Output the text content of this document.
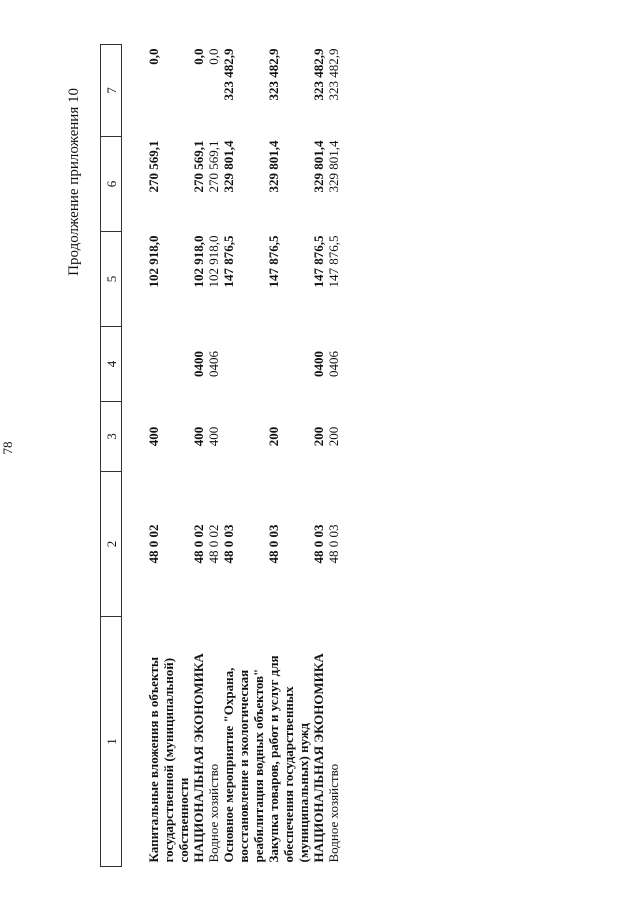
78
Продолжение приложения 10
1	2	3	4	5	6	7
Капитальные вложения в объекты государственной (муниципальной) собственности	48 0 02	400		102 918,0	270 569,1	0,0
НАЦИОНАЛЬНАЯ ЭКОНОМИКА	48 0 02	400	0400	102 918,0	270 569,1	0,0
Водное хозяйство	48 0 02	400	0406	102 918,0	270 569,1	0,0
Основное мероприятие "Охрана, восстановление и экологическая реабилитация водных объектов"	48 0 03			147 876,5	329 801,4	323 482,9
Закупка товаров, работ и услуг для обеспечения государственных (муниципальных) нужд	48 0 03	200		147 876,5	329 801,4	323 482,9
НАЦИОНАЛЬНАЯ ЭКОНОМИКА	48 0 03	200	0400	147 876,5	329 801,4	323 482,9
Водное хозяйство	48 0 03	200	0406	147 876,5	329 801,4	323 482,9
